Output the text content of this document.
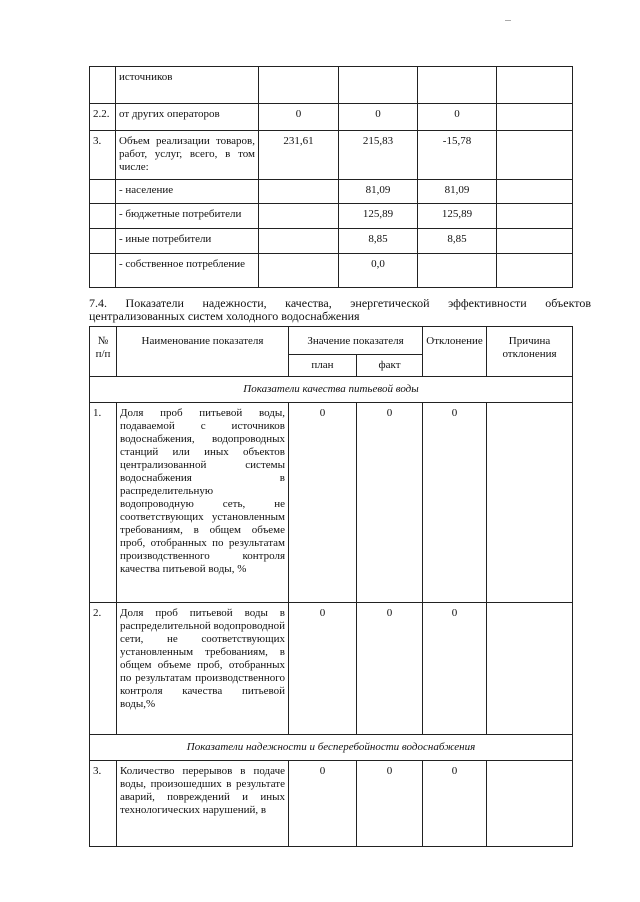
	источников				
2.2.	от других операторов	0	0	0	
3.	Объем реализации товаров, работ, услуг, всего, в том числе:	231,61	215,83	-15,78	
	- население		81,09	81,09	
	- бюджетные потребители		125,89	125,89	
	- иные потребители		8,85	8,85	
	- собственное потребление		0,0		
7.4. Показатели надежности, качества, энергетической эффективности объектов
централизованных систем холодного водоснабжения
№ п/п	Наименование показателя	Значение показателя		Отклонение	Причина отклонения
		план	факт		
Показатели качества питьевой воды					
1.	Доля проб питьевой воды, подаваемой с источников водоснабжения, водопроводных станций или иных объектов централизованной системы водоснабжения в распределительную водопроводную сеть, не соответствующих установленным требованиям, в общем объеме проб, отобранных по результатам производственного контроля качества питьевой воды, %	0	0	0	
2.	Доля проб питьевой воды в распределительной водопроводной сети, не соответствующих установленным требованиям, в общем объеме проб, отобранных по результатам производственного контроля качества питьевой воды,%	0	0	0	
Показатели надежности и бесперебойности водоснабжения					
3.	Количество перерывов в подаче воды, произошедших в результате аварий, повреждений и иных технологических нарушений, в	0	0	0	
